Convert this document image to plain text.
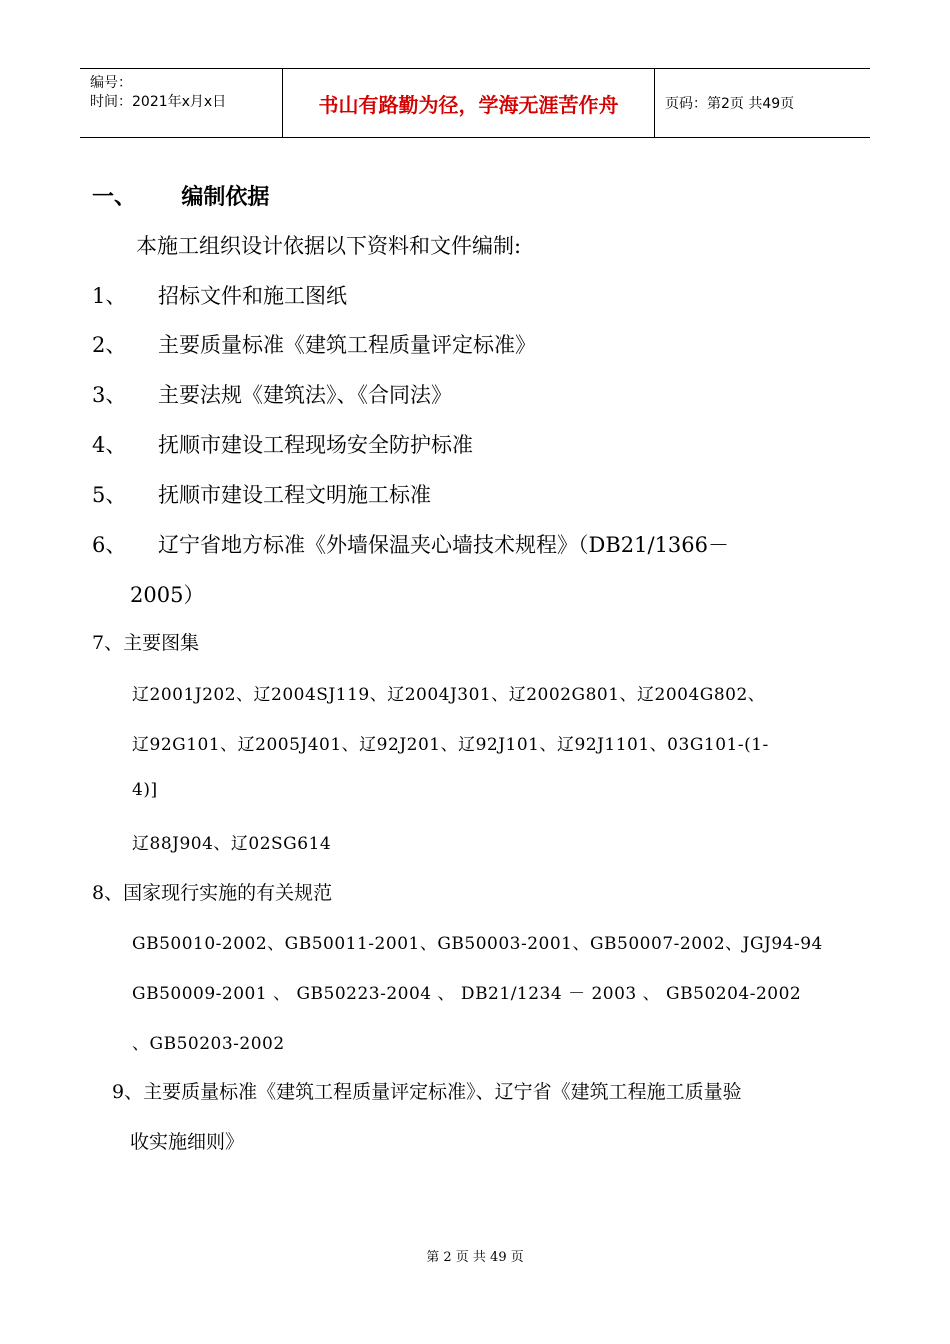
编号：
时间：2021年x月x日	书山有路勤为径，学海无涯苦作舟	页码：第2页 共49页
一、 编制依据
本施工组织设计依据以下资料和文件编制:
1、 招标文件和施工图纸
2、 主要质量标准《建筑工程质量评定标准》
3、 主要法规《建筑法》、《合同法》
4、 抚顺市建设工程现场安全防护标准
5、 抚顺市建设工程文明施工标准
6、 辽宁省地方标准《外墙保温夹心墙技术规程》（DB21/1366－
2005）
7、主要图集
辽2001J202、辽2004SJ119、辽2004J301、辽2002G801、辽2004G802、
辽92G101、辽2005J401、辽92J201、辽92J101、辽92J1101、03G101-(1-
4)]
辽88J904、辽02SG614
8、国家现行实施的有关规范
GB50010-2002、GB50011-2001、GB50003-2001、GB50007-2002、JGJ94-94
GB50009-2001 、 GB50223-2004 、 DB21/1234 － 2003 、 GB50204-2002
、GB50203-2002
9、主要质量标准《建筑工程质量评定标准》、辽宁省《建筑工程施工质量验
收实施细则》
第 2 页 共 49 页
